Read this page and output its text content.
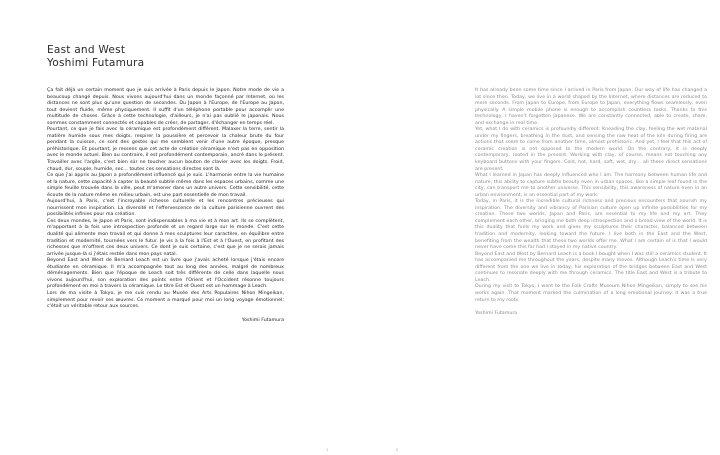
East and West
Yoshimi Futamura

Ça fait déjà un certain moment que je suis arrivée à Paris depuis le Japon. Notre mode de vie a beaucoup changé depuis. Nous vivons aujourd'hui dans un monde façonné par Internet, où les distances ne sont plus qu'une question de secondes. Du Japon à l'Europe, de l'Europe au Japon, tout devient fluide, même physiquement. Il suffit d'un téléphone portable pour accomplir une multitude de choses. Grâce à cette technologie, d'ailleurs, je n'ai pas oublié le japonais. Nous sommes constamment connectés et capables de créer, de partager, d'échanger en temps réel.

Pourtant, ce que je fais avec la céramique est profondément différent. Malaxer la terre, sentir la matière humide sous mes doigts, respirer la poussière et percevoir la chaleur brute du four pendant la cuisson, ce sont des gestes qui me semblent venir d'une autre époque, presque préhistorique. Et pourtant, je ressens que cet acte de création céramique n'est pas en opposition avec le monde actuel. Bien au contraire, il est profondément contemporain, ancré dans le présent. Travailler avec l'argile, c'est bien sûr ne toucher aucun bouton de clavier avec les doigts. Froid, chaud, dur, souple, humide, sec… toutes ces sensations directes sont là.

Ce que j'ai appris au Japon a profondément influencé qui je suis. L'harmonie entre la vie humaine et la nature, cette capacité à capter la beauté subtile même dans les espaces urbains, comme une simple feuille trouvée dans la ville, peut m'amener dans un autre univers. Cette sensibilité, cette écoute de la nature même en milieu urbain, est une part essentielle de mon travail.

Aujourd'hui, à Paris, c'est l'incroyable richesse culturelle et les rencontres précieuses qui nourrissent mon inspiration. La diversité et l'effervescence de la culture parisienne ouvrent des possibilités infinies pour ma création.

Ces deux mondes, le Japon et Paris, sont indispensables à ma vie et à mon art. Ils se complètent, m'apportant à la fois une introspection profonde et un regard large sur le monde. C'est cette dualité qui alimente mon travail et qui donne à mes sculptures leur caractère, en équilibre entre tradition et modernité, tournées vers le futur. Je vis à la fois à l'Est et à l'Ouest, en profitant des richesses que m'offrent ces deux univers. Ce dont je suis certaine, c'est que je ne serais jamais arrivée jusque-là si j'étais restée dans mon pays natal.

Beyond East and West de Bernard Leach est un livre que j'avais acheté lorsque j'étais encore étudiante en céramique. Il m'a accompagnée tout au long des années, malgré de nombreux déménagements. Bien que l'époque de Leach soit très différente de celle dans laquelle nous vivons aujourd'hui, son exploration des points entre l'Orient et l'Occident résonne toujours profondément en moi à travers la céramique. Le titre Est et Ouest est un hommage à Leach.

Lors de ma visite à Tokyo, je me suis rendu au Musée des Arts Populaires Nihon Mingeikan, simplement pour revoir ses œuvres. Ce moment a marqué pour moi un long voyage émotionnel: c'était un véritable retour aux sources.

Yoshimi Futamura

It has already been some time since I arrived in Paris from Japan. Our way of life has changed a lot since then. Today, we live in a world shaped by the Internet, where distances are reduced to mere seconds. From Japan to Europe, from Europe to Japan, everything flows seamlessly, even physically. A simple mobile phone is enough to accomplish countless tasks. Thanks to this technology, I haven't forgotten Japanese. We are constantly connected, able to create, share, and exchange in real time.

Yet, what I do with ceramics is profoundly different. Kneading the clay, feeling the wet material under my fingers, breathing in the dust, and sensing the raw heat of the kiln during firing are actions that seem to come from another time, almost prehistoric. And yet, I feel that this act of ceramic creation is not opposed to the modern world. On the contrary, it is deeply contemporary, rooted in the present. Working with clay, of course, means not touching any keyboard buttons with your fingers. Cold, hot, hard, soft, wet, dry… all these direct sensations are present.

What I learned in Japan has deeply influenced who I am. The harmony between human life and nature, this ability to capture subtle beauty even in urban spaces, like a simple leaf found in the city, can transport me to another universe. This sensibility, this awareness of nature even in an urban environment, is an essential part of my work.

Today, in Paris, it is the incredible cultural richness and precious encounters that nourish my inspiration. The diversity and vibrancy of Parisian culture open up infinite possibilities for my creation. These two worlds, Japan and Paris, are essential to my life and my art. They complement each other, bringing me both deep introspection and a broad view of the world. It is this duality that fuels my work and gives my sculptures their character, balanced between tradition and modernity, looking toward the future. I live both in the East and the West, benefiting from the wealth that these two worlds offer me. What I am certain of is that I would never have come this far had I stayed in my native country.

Beyond East and West by Bernard Leach is a book I bought when I was still a ceramics student. It has accompanied me throughout the years, despite many moves. Although Leach's time is very different from the one we live in today, his exploration of the bridges between East and West continues to resonate deeply with me through ceramics. The title East and West is a tribute to Leach.

During my visit to Tokyo, I went to the Folk Crafts Museum Nihon Mingeikan, simply to see his works again. That moment marked the culmination of a long emotional journey: it was a true return to my roots.

Yoshimi Futamura

1	2
